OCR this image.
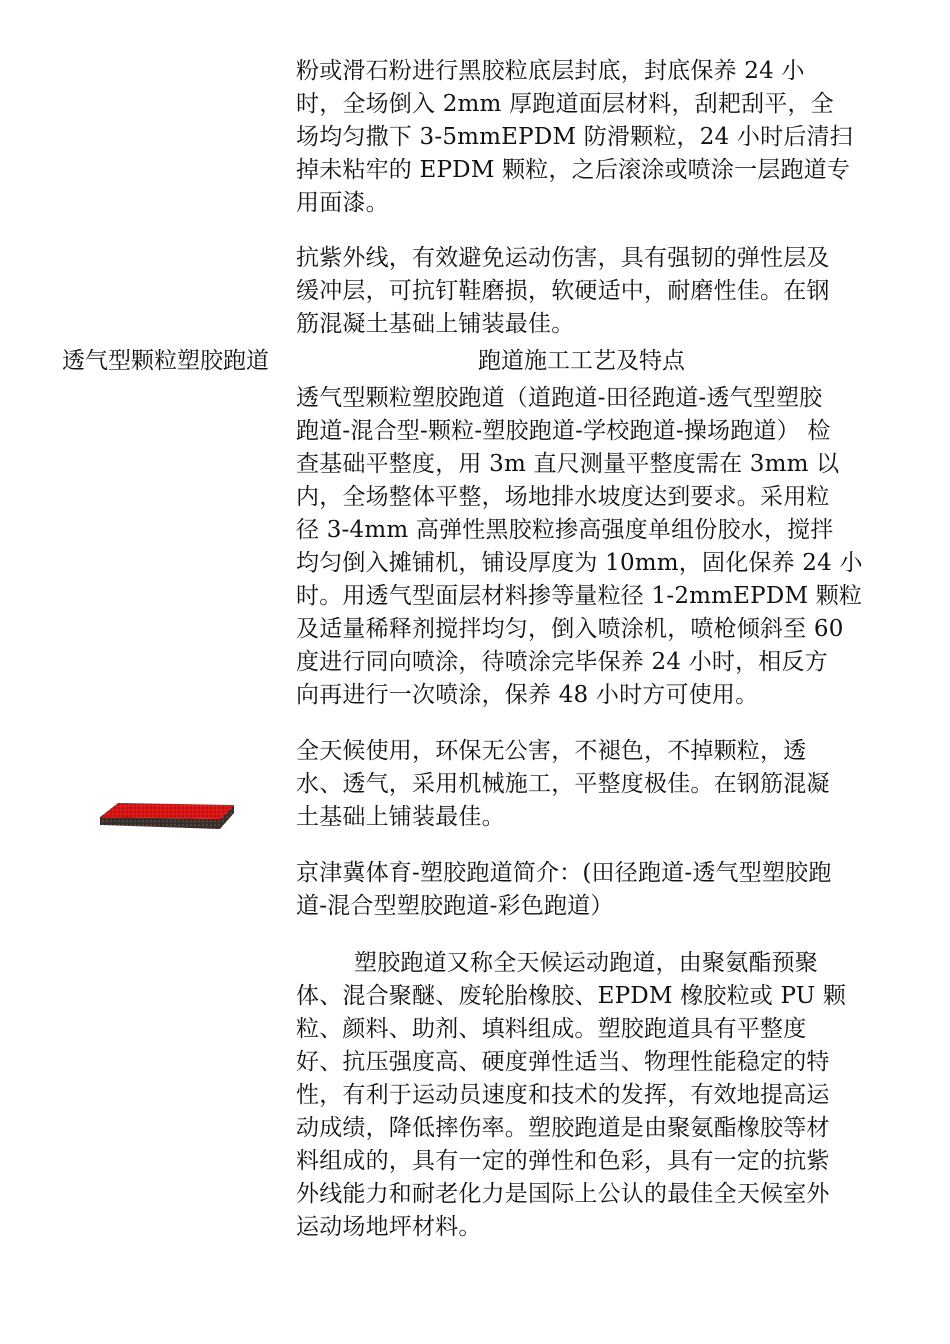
粉或滑石粉进行黑胶粒底层封底，封底保养 24 小
时，全场倒入 2mm 厚跑道面层材料，刮耙刮平，全
场均匀撒下 3-5mmEPDM 防滑颗粒，24 小时后清扫
掉未粘牢的 EPDM 颗粒，之后滚涂或喷涂一层跑道专
用面漆。
抗紫外线，有效避免运动伤害，具有强韧的弹性层及
缓冲层，可抗钉鞋磨损，软硬适中，耐磨性佳。在钢
筋混凝土基础上铺装最佳。
透气型颗粒塑胶跑道	跑道施工工艺及特点
透气型颗粒塑胶跑道（道跑道-田径跑道-透气型塑胶
跑道-混合型-颗粒-塑胶跑道-学校跑道-操场跑道） 检
查基础平整度，用 3m 直尺测量平整度需在 3mm 以
内，全场整体平整，场地排水坡度达到要求。采用粒
径 3-4mm 高弹性黑胶粒掺高强度单组份胶水，搅拌
均匀倒入摊铺机，铺设厚度为 10mm，固化保养 24 小
时。用透气型面层材料掺等量粒径 1-2mmEPDM 颗粒
及适量稀释剂搅拌均匀，倒入喷涂机，喷枪倾斜至 60
度进行同向喷涂，待喷涂完毕保养 24 小时，相反方
向再进行一次喷涂，保养 48 小时方可使用。
全天候使用，环保无公害，不褪色，不掉颗粒，透
水、透气，采用机械施工，平整度极佳。在钢筋混凝
土基础上铺装最佳。
京津冀体育-塑胶跑道简介：(田径跑道-透气型塑胶跑
道-混合型塑胶跑道-彩色跑道）
塑胶跑道又称全天候运动跑道，由聚氨酯预聚
体、混合聚醚、废轮胎橡胶、EPDM 橡胶粒或 PU 颗
粒、颜料、助剂、填料组成。塑胶跑道具有平整度
好、抗压强度高、硬度弹性适当、物理性能稳定的特
性，有利于运动员速度和技术的发挥，有效地提高运
动成绩，降低摔伤率。塑胶跑道是由聚氨酯橡胶等材
料组成的，具有一定的弹性和色彩，具有一定的抗紫
外线能力和耐老化力是国际上公认的最佳全天候室外
运动场地坪材料。
